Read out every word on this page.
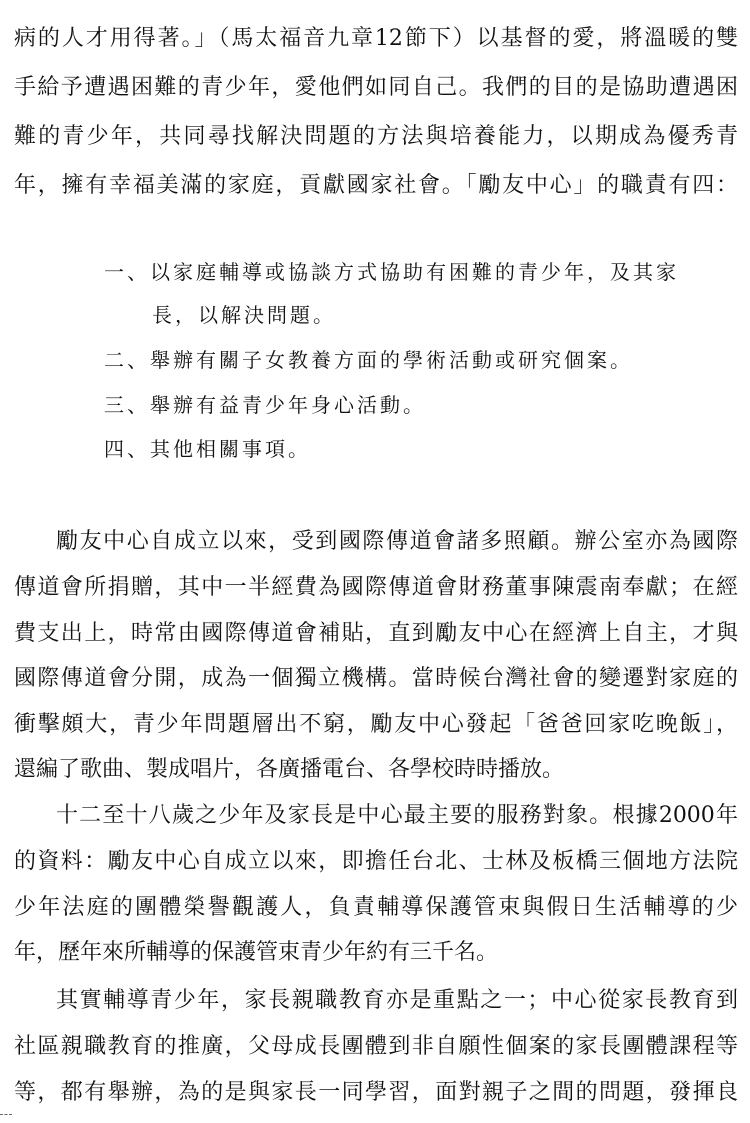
病的人才用得著。」（馬太福音九章12節下）以基督的愛，將溫暖的雙
手給予遭遇困難的青少年，愛他們如同自己。我們的目的是協助遭遇困
難的青少年，共同尋找解決問題的方法與培養能力，以期成為優秀青
年，擁有幸福美滿的家庭，貢獻國家社會。「勵友中心」的職責有四：
一、以家庭輔導或協談方式協助有困難的青少年，及其家
長，以解決問題。
二、舉辦有關子女教養方面的學術活動或研究個案。
三、舉辦有益青少年身心活動。
四、其他相關事項。
勵友中心自成立以來，受到國際傳道會諸多照顧。辦公室亦為國際
傳道會所捐贈，其中一半經費為國際傳道會財務董事陳震南奉獻；在經
費支出上，時常由國際傳道會補貼，直到勵友中心在經濟上自主，才與
國際傳道會分開，成為一個獨立機構。當時候台灣社會的變遷對家庭的
衝擊頗大，青少年問題層出不窮，勵友中心發起「爸爸回家吃晚飯」，
還編了歌曲、製成唱片，各廣播電台、各學校時時播放。
十二至十八歲之少年及家長是中心最主要的服務對象。根據2000年
的資料：勵友中心自成立以來，即擔任台北、士林及板橋三個地方法院
少年法庭的團體榮譽觀護人，負責輔導保護管束與假日生活輔導的少
年，歷年來所輔導的保護管束青少年約有三千名。
其實輔導青少年，家長親職教育亦是重點之一；中心從家長教育到
社區親職教育的推廣，父母成長團體到非自願性個案的家長團體課程等
等，都有舉辦，為的是與家長一同學習，面對親子之間的問題，發揮良
